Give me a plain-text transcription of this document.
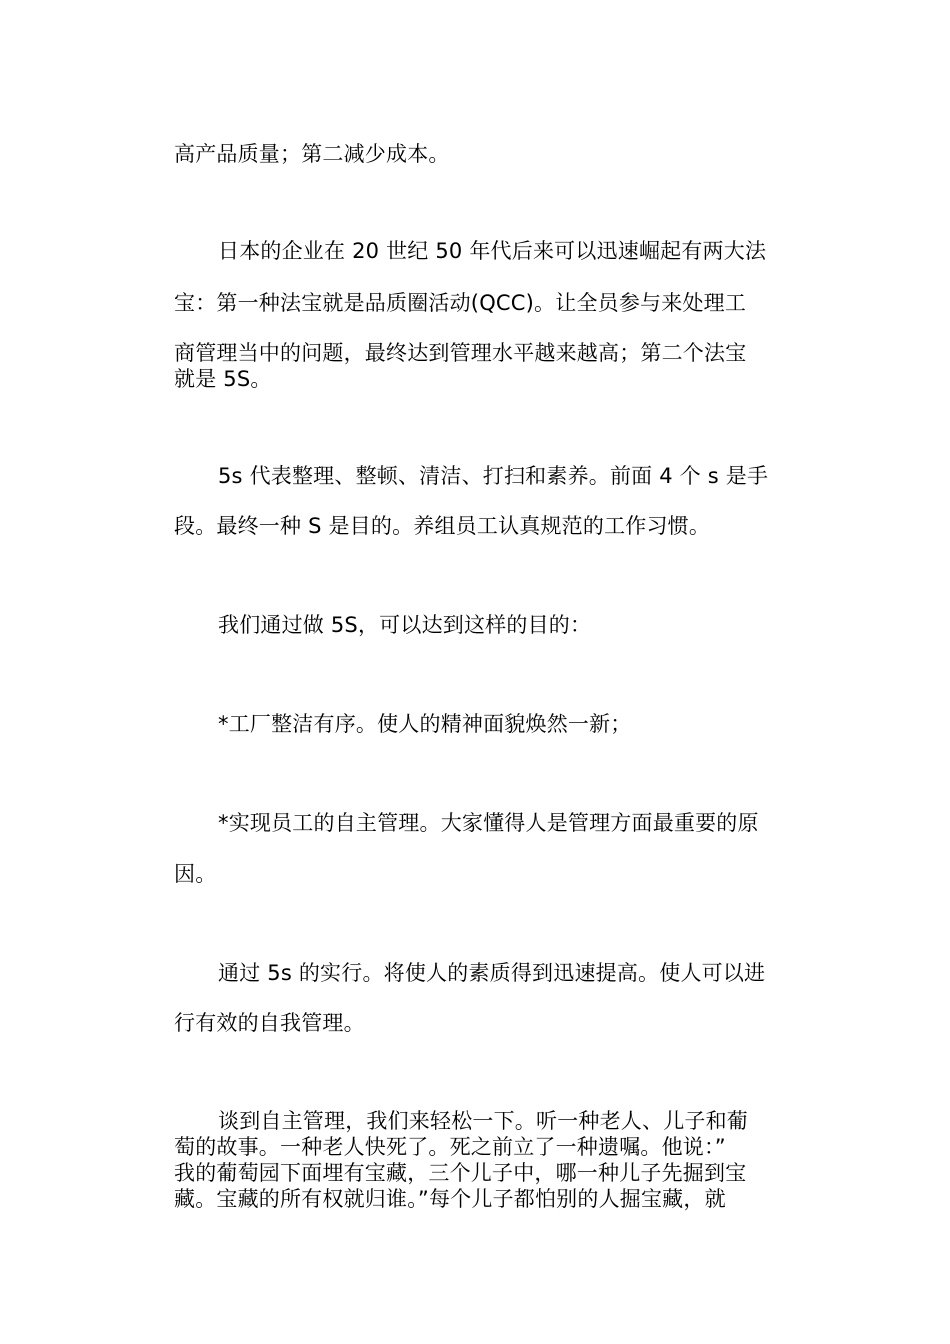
高产品质量；第二减少成本。
日本的企业在 20 世纪 50 年代后来可以迅速崛起有两大法
宝：第一种法宝就是品质圈活动(QCC)。让全员参与来处理工
商管理当中的问题，最终达到管理水平越来越高；第二个法宝
就是 5S。
5s 代表整理、整顿、清洁、打扫和素养。前面 4 个 s 是手
段。最终一种 S 是目的。养组员工认真规范的工作习惯。
我们通过做 5S，可以达到这样的目的：
*工厂整洁有序。使人的精神面貌焕然一新；
*实现员工的自主管理。大家懂得人是管理方面最重要的原
因。
通过 5s 的实行。将使人的素质得到迅速提高。使人可以进
行有效的自我管理。
谈到自主管理，我们来轻松一下。听一种老人、儿子和葡
萄的故事。一种老人快死了。死之前立了一种遗嘱。他说：”
我的葡萄园下面埋有宝藏，三个儿子中，哪一种儿子先掘到宝
藏。宝藏的所有权就归谁。”每个儿子都怕别的人掘宝藏，就
